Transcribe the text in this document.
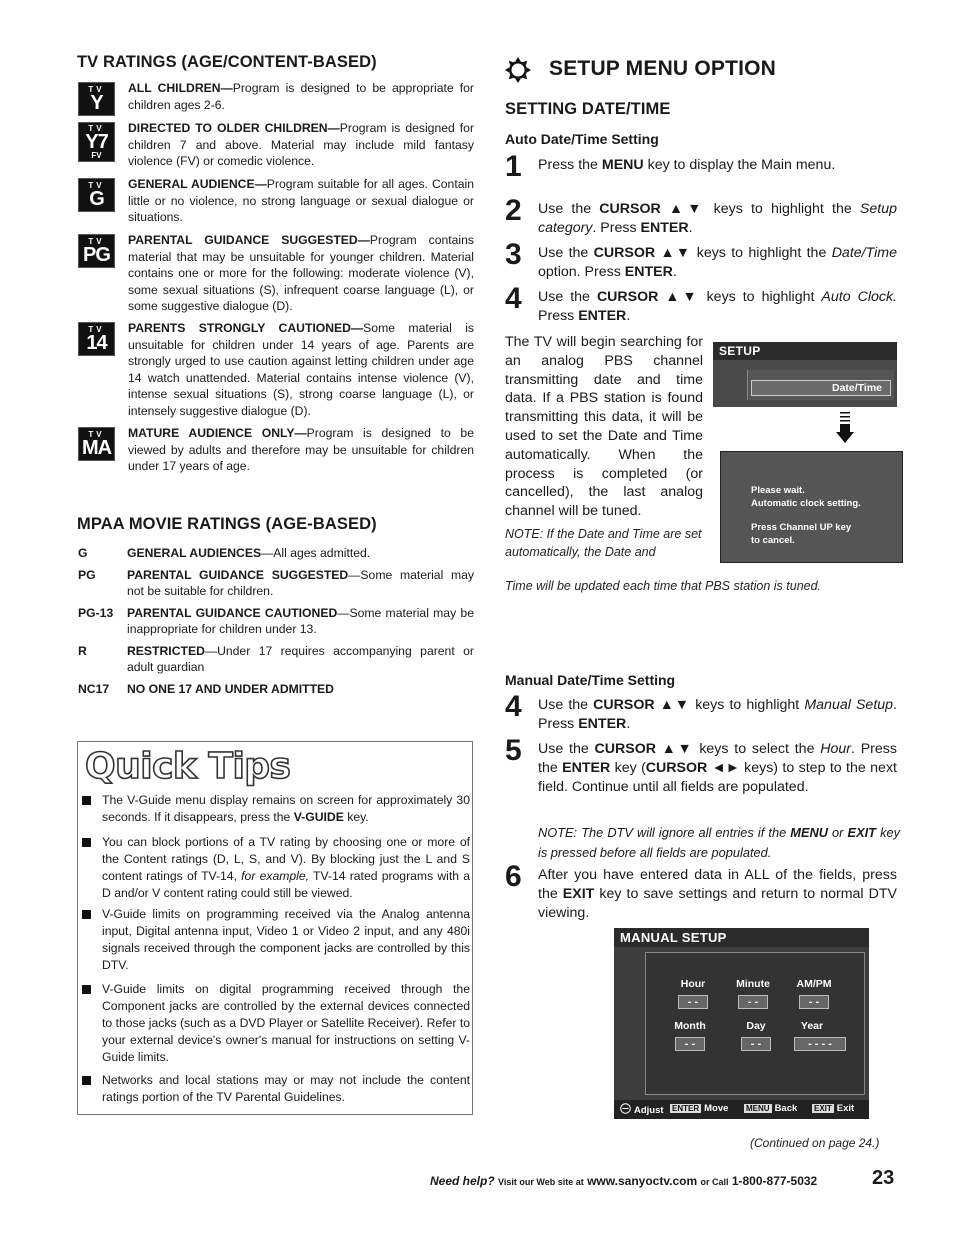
TV RATINGS (AGE/CONTENT-BASED)
TV
Y
ALL CHILDREN—Program is designed to be appropriate for children ages 2-6.
TV
Y7
FV
DIRECTED TO OLDER CHILDREN—Program is designed for children 7 and above. Material may include mild fantasy violence (FV) or comedic violence.
TV
G
GENERAL AUDIENCE—Program suitable for all ages. Contain little or no violence, no strong language or sexual dialogue or situations.
TV
PG
PARENTAL GUIDANCE SUGGESTED—Program contains material that may be unsuitable for younger children. Material contains one or more for the following: moderate violence (V), some sexual situations (S), infrequent coarse language (L), or some suggestive dialogue (D).
TV
14
PARENTS STRONGLY CAUTIONED—Some material is unsuitable for children under 14 years of age. Parents are strongly urged to use caution against letting children under age 14 watch unattended. Material contains intense violence (V), intense sexual situations (S), strong coarse language (L), or intensely suggestive dialogue (D).
TV
MA
MATURE AUDIENCE ONLY—Program is designed to be viewed by adults and therefore may be unsuitable for children under 17 years of age.
MPAA MOVIE RATINGS (AGE-BASED)
G	GENERAL AUDIENCES—All ages admitted.
PG	PARENTAL GUIDANCE SUGGESTED—Some material may not be suitable for children.
PG-13 PARENTAL GUIDANCE CAUTIONED—Some material may be inappropriate for children under 13.
R	RESTRICTED—Under 17 requires accompanying parent or adult guardian
NC17 NO ONE 17 AND UNDER ADMITTED
Quick Tips
The V-Guide menu display remains on screen for approximately 30 seconds. If it disappears, press the V-GUIDE key.
You can block portions of a TV rating by choosing one or more of the Content ratings (D, L, S, and V). By blocking just the L and S content ratings of TV-14, for example, TV-14 rated programs with a D and/or V content rating could still be viewed.
V-Guide limits on programming received via the Analog antenna input, Digital antenna input, Video 1 or Video 2 input, and any 480i signals received through the component jacks are controlled by this DTV.
V-Guide limits on digital programming received through the Component jacks are controlled by the external devices connected to those jacks (such as a DVD Player or Satellite Receiver). Refer to your external device's owner's manual for instructions on setting V-Guide limits.
Networks and local stations may or may not include the content ratings portion of the TV Parental Guidelines.
SETUP MENU OPTION
SETTING DATE/TIME
Auto Date/Time Setting
1 Press the MENU key to display the Main menu.
2 Use the CURSOR ▲▼ keys to highlight the Setup category. Press ENTER.
3 Use the CURSOR ▲▼ keys to highlight the Date/Time option. Press ENTER.
4 Use the CURSOR ▲▼ keys to highlight Auto Clock. Press ENTER.
The TV will begin searching for an analog PBS channel transmitting date and time data. If a PBS station is found transmitting this data, it will be used to set the Date and Time automatically. When the process is completed (or cancelled), the last analog channel will be tuned.
NOTE: If the Date and Time are set automatically, the Date and
Time will be updated each time that PBS station is tuned.
SETUP
Date/Time
Please wait.
Automatic clock setting.
Press Channel UP key
to cancel.
Manual Date/Time Setting
4 Use the CURSOR ▲▼ keys to highlight Manual Setup. Press ENTER.
5 Use the CURSOR ▲▼ keys to select the Hour. Press the ENTER key (CURSOR ◄► keys) to step to the next field. Continue until all fields are populated.
6 After you have entered data in ALL of the fields, press the EXIT key to save settings and return to normal DTV viewing.
NOTE: The DTV will ignore all entries if the MENU or EXIT key is pressed before all fields are populated.
MANUAL SETUP
Hour
- -
Minute
- -
AM/PM
- -
Month
- -
Day
- -
Year
- - - -
Adjust ENTER Move MENU Back EXIT Exit
(Continued on page 24.)
Need help? Visit our Web site at www.sanyoctv.com or Call 1-800-877-5032	23
